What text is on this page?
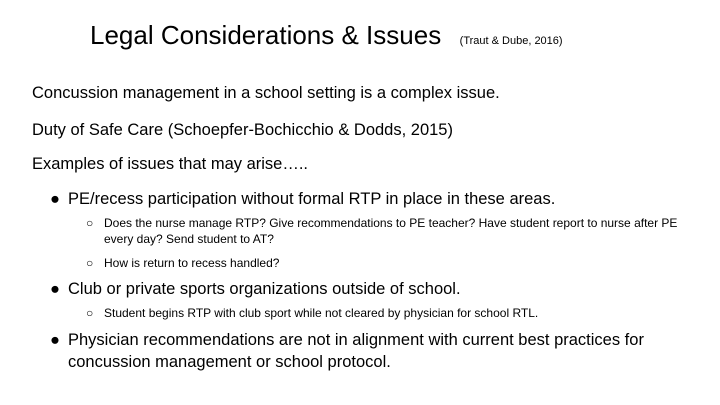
Legal Considerations & Issues (Traut & Dube, 2016)
Concussion management in a school setting is a complex issue.
Duty of Safe Care (Schoepfer-Bochicchio & Dodds, 2015)
Examples of issues that may arise…..
● PE/recess participation without formal RTP in place in these areas.
○ Does the nurse manage RTP? Give recommendations to PE teacher? Have student report to nurse after PE every day? Send student to AT?
○ How is return to recess handled?
● Club or private sports organizations outside of school.
○ Student begins RTP with club sport while not cleared by physician for school RTL.
● Physician recommendations are not in alignment with current best practices for concussion management or school protocol.
